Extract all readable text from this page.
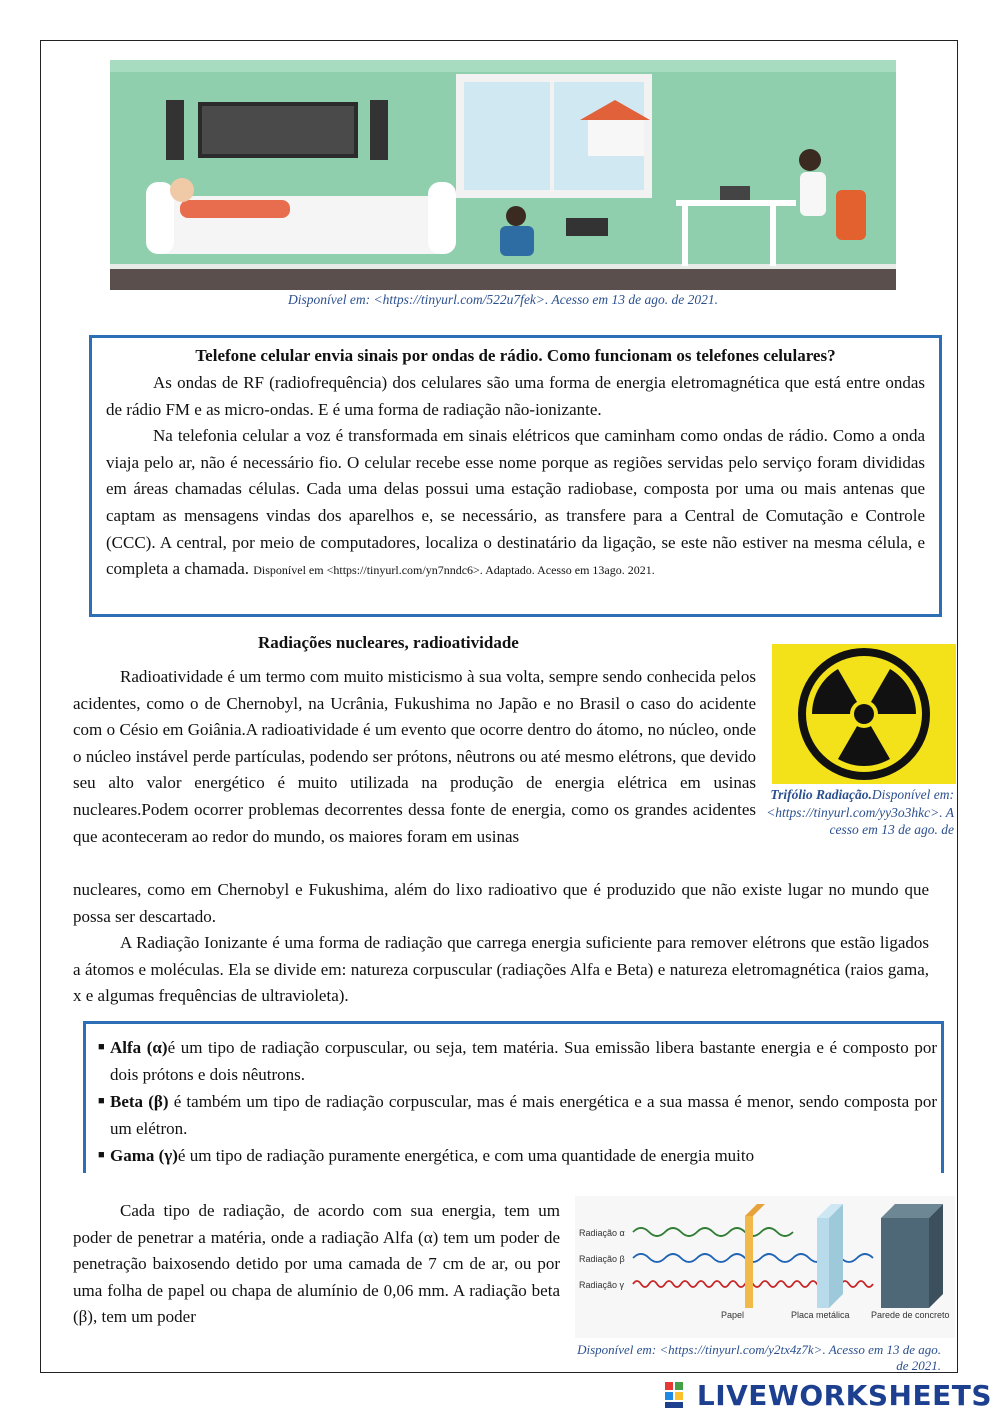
Disponível em: <https://tinyurl.com/522u7fek>. Acesso em 13 de ago. de 2021.
Telefone celular envia sinais por ondas de rádio. Como funcionam os telefones celulares?

As ondas de RF (radiofrequência) dos celulares são uma forma de energia eletromagnética que está entre ondas de rádio FM e as micro-ondas. E é uma forma de radiação não-ionizante.

Na telefonia celular a voz é transformada em sinais elétricos que caminham como ondas de rádio. Como a onda viaja pelo ar, não é necessário fio. O celular recebe esse nome porque as regiões servidas pelo serviço foram divididas em áreas chamadas células. Cada uma delas possui uma estação radiobase, composta por uma ou mais antenas que captam as mensagens vindas dos aparelhos e, se necessário, as transfere para a Central de Comutação e Controle (CCC). A central, por meio de computadores, localiza o destinatário da ligação, se este não estiver na mesma célula, e completa a chamada. Disponível em <https://tinyurl.com/yn7nndc6>. Adaptado. Acesso em 13ago. 2021.

Radiações nucleares, radioatividade

Radioatividade é um termo com muito misticismo à sua volta, sempre sendo conhecida pelos acidentes, como o de Chernobyl, na Ucrânia, Fukushima no Japão e no Brasil o caso do acidente com o Césio em Goiânia.A radioatividade é um evento que ocorre dentro do átomo, no núcleo, onde o núcleo instável perde partículas, podendo ser prótons, nêutrons ou até mesmo elétrons, que devido seu alto valor energético é muito utilizada na produção de energia elétrica em usinas nucleares.Podem ocorrer problemas decorrentes dessa fonte de energia, como os grandes acidentes que aconteceram ao redor do mundo, os maiores foram em usinas

Trifólio Radiação.Disponível em: <https://tinyurl.com/yy3o3hkc>. Acesso em 13 de ago. de

nucleares, como em Chernobyl e Fukushima, além do lixo radioativo que é produzido que não existe lugar no mundo que possa ser descartado.

A Radiação Ionizante é uma forma de radiação que carrega energia suficiente para remover elétrons que estão ligados a átomos e moléculas. Ela se divide em: natureza corpuscular (radiações Alfa e Beta) e natureza eletromagnética (raios gama, x e algumas frequências de ultravioleta).

■ Alfa (α)é um tipo de radiação corpuscular, ou seja, tem matéria. Sua emissão libera bastante energia e é composto por dois prótons e dois nêutrons.
■ Beta (β) é também um tipo de radiação corpuscular, mas é mais energética e a sua massa é menor, sendo composta por um elétron.
■ Gama (γ)é um tipo de radiação puramente energética, e com uma quantidade de energia muito

Cada tipo de radiação, de acordo com sua energia, tem um poder de penetrar a matéria, onde a radiação Alfa (α) tem um poder de penetração baixosendo detido por uma camada de 7 cm de ar, ou por uma folha de papel ou chapa de alumínio de 0,06 mm. A radiação beta (β), tem um poder

Radiação α
Radiação β
Radiação γ
Papel	Placa metálica Parede de concreto
Disponível em: <https://tinyurl.com/y2tx4z7k>. Acesso em 13 de ago. de 2021.
LIVEWORKSHEETS
